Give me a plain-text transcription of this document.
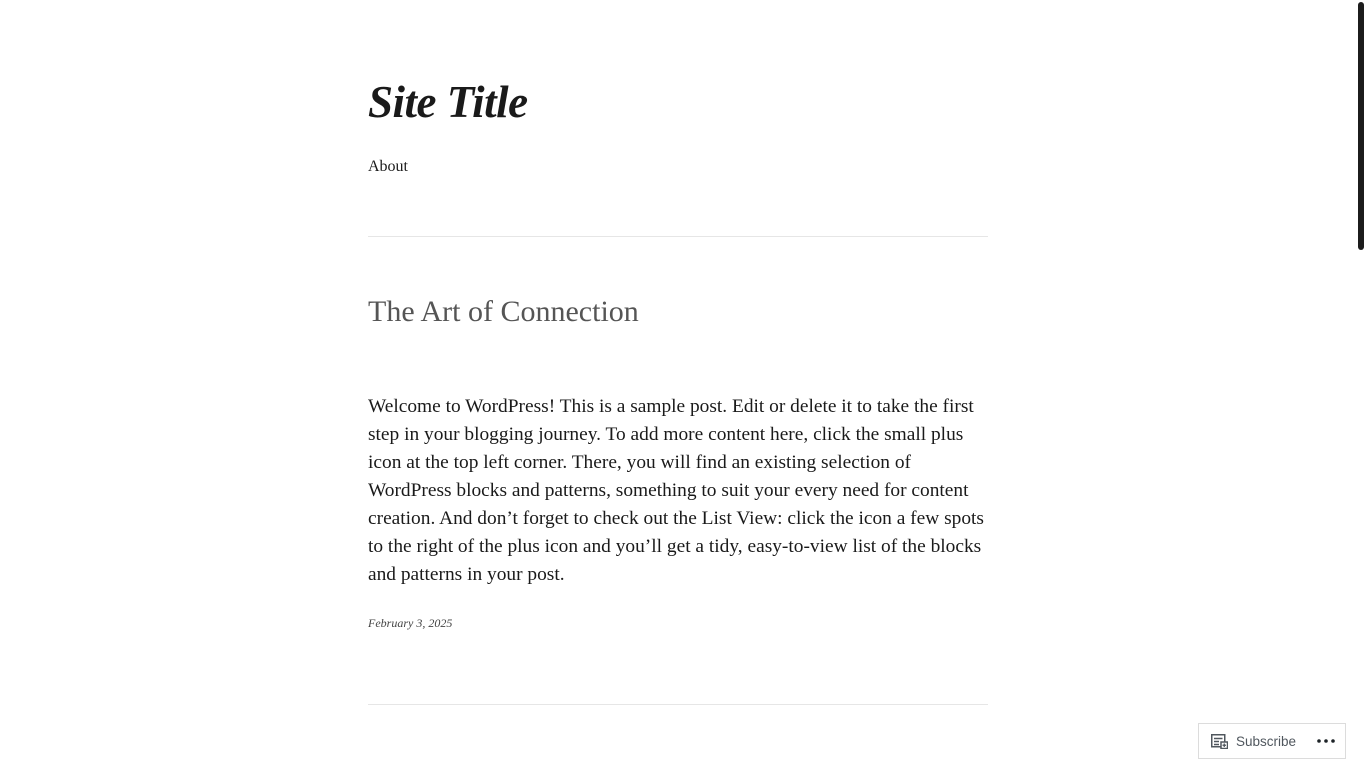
Site Title
About
The Art of Connection

Welcome to WordPress! This is a sample post. Edit or delete it to take the first step in your blogging journey. To add more content here, click the small plus icon at the top left corner. There, you will find an existing selection of WordPress blocks and patterns, something to suit your every need for content creation. And don’t forget to check out the List View: click the icon a few spots to the right of the plus icon and you’ll get a tidy, easy-to-view list of the blocks and patterns in your post.

February 3, 2025
Subscribe
